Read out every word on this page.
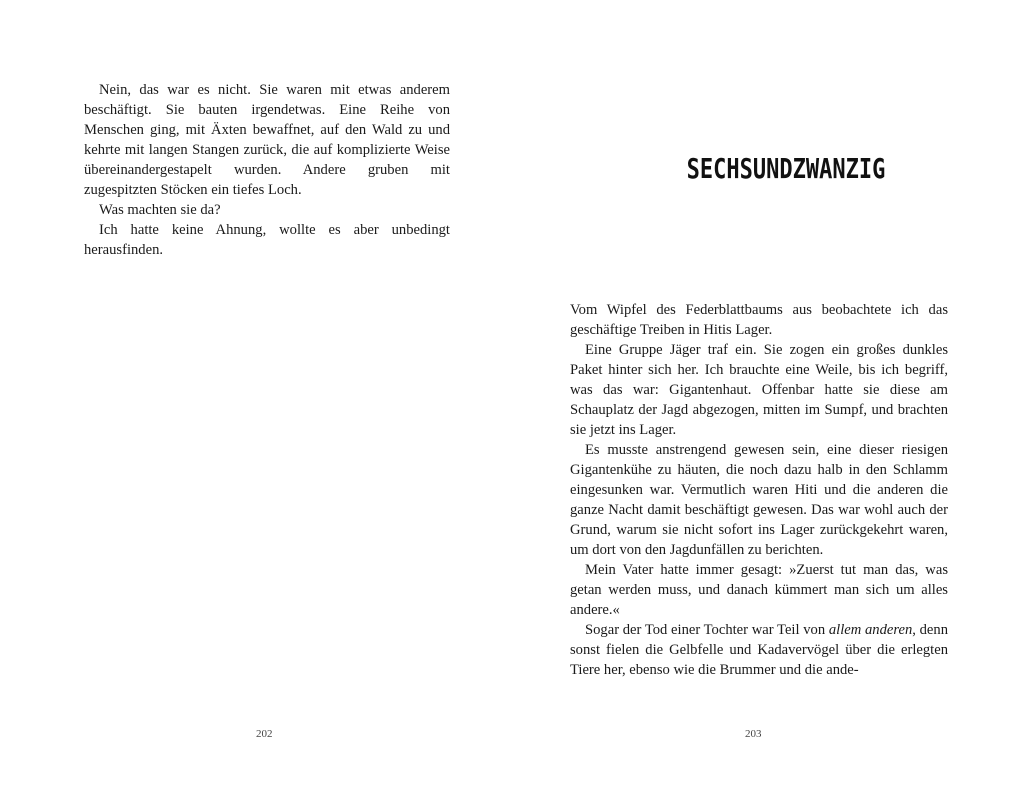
Nein, das war es nicht. Sie waren mit etwas anderem beschäftigt. Sie bauten irgendetwas. Eine Reihe von Menschen ging, mit Äxten bewaffnet, auf den Wald zu und kehrte mit langen Stangen zurück, die auf komplizierte Weise übereinandergestapelt wurden. Andere gruben mit zugespitzten Stöcken ein tiefes Loch.

Was machten sie da?

Ich hatte keine Ahnung, wollte es aber unbedingt herausfinden.

202
SECHSUNDZWANZIG

Vom Wipfel des Federblattbaums aus beobachtete ich das geschäftige Treiben in Hitis Lager.

Eine Gruppe Jäger traf ein. Sie zogen ein großes dunkles Paket hinter sich her. Ich brauchte eine Weile, bis ich begriff, was das war: Gigantenhaut. Offenbar hatte sie diese am Schauplatz der Jagd abgezogen, mitten im Sumpf, und brachten sie jetzt ins Lager.

Es musste anstrengend gewesen sein, eine dieser riesigen Gigantenkühe zu häuten, die noch dazu halb in den Schlamm eingesunken war. Vermutlich waren Hiti und die anderen die ganze Nacht damit beschäftigt gewesen. Das war wohl auch der Grund, warum sie nicht sofort ins Lager zurückgekehrt waren, um dort von den Jagdunfällen zu berichten.

Mein Vater hatte immer gesagt: »Zuerst tut man das, was getan werden muss, und danach kümmert man sich um alles andere.«

Sogar der Tod einer Tochter war Teil von allem anderen, denn sonst fielen die Gelbfelle und Kadavervögel über die erlegten Tiere her, ebenso wie die Brummer und die ande-

203
